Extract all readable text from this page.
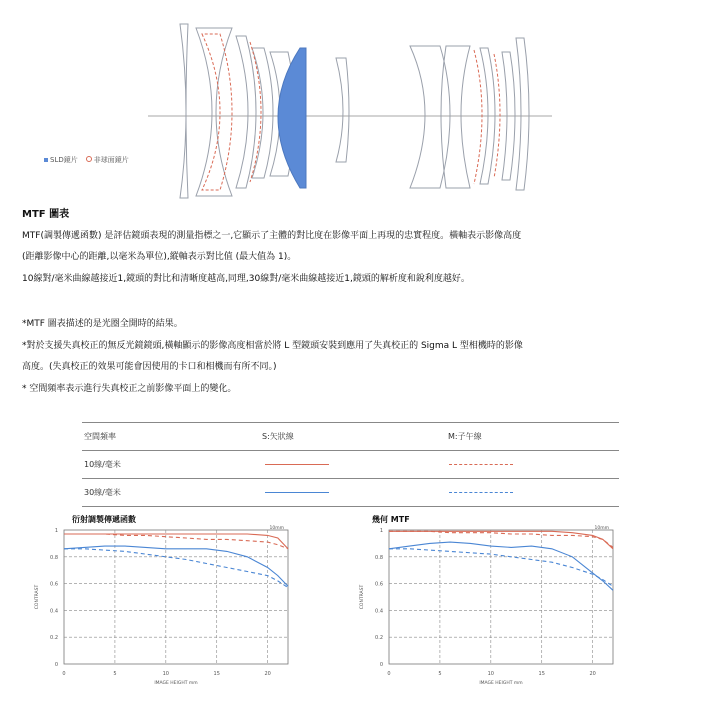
SLD鏡片	非球面鏡片
MTF 圖表
MTF(調製傳遞函數) 是評估鏡頭表現的測量指標之一,它顯示了主體的對比度在影像平面上再現的忠實程度。橫軸表示影像高度
(距離影像中心的距離,以毫米為單位),縱軸表示對比值 (最大值為 1)。
10線對/毫米曲線越接近1,鏡頭的對比和清晰度越高,同理,30線對/毫米曲線越接近1,鏡頭的解析度和銳利度越好。
*MTF 圖表描述的是光圈全開時的結果。
*對於支援失真校正的無反光鏡鏡頭,橫軸顯示的影像高度相當於將 L 型鏡頭安裝到應用了失真校正的 Sigma L 型相機時的影像
高度。(失真校正的效果可能會因使用的卡口和相機而有所不同。)
* 空間頻率表示進行失真校正之前影像平面上的變化。
空間頻率	S:矢狀線	M:子午線
10線/毫米
30線/毫米
衍射調製傳遞函數	幾何 MTF
0
0.2
0.4
0.6
0.8
1
0	5	10	15	20
IMAGE HEIGHT mm
CONTRAST
10mm
0
0.2
0.4
0.6
0.8
1
0	5	10	15	20
IMAGE HEIGHT mm
CONTRAST
10mm
